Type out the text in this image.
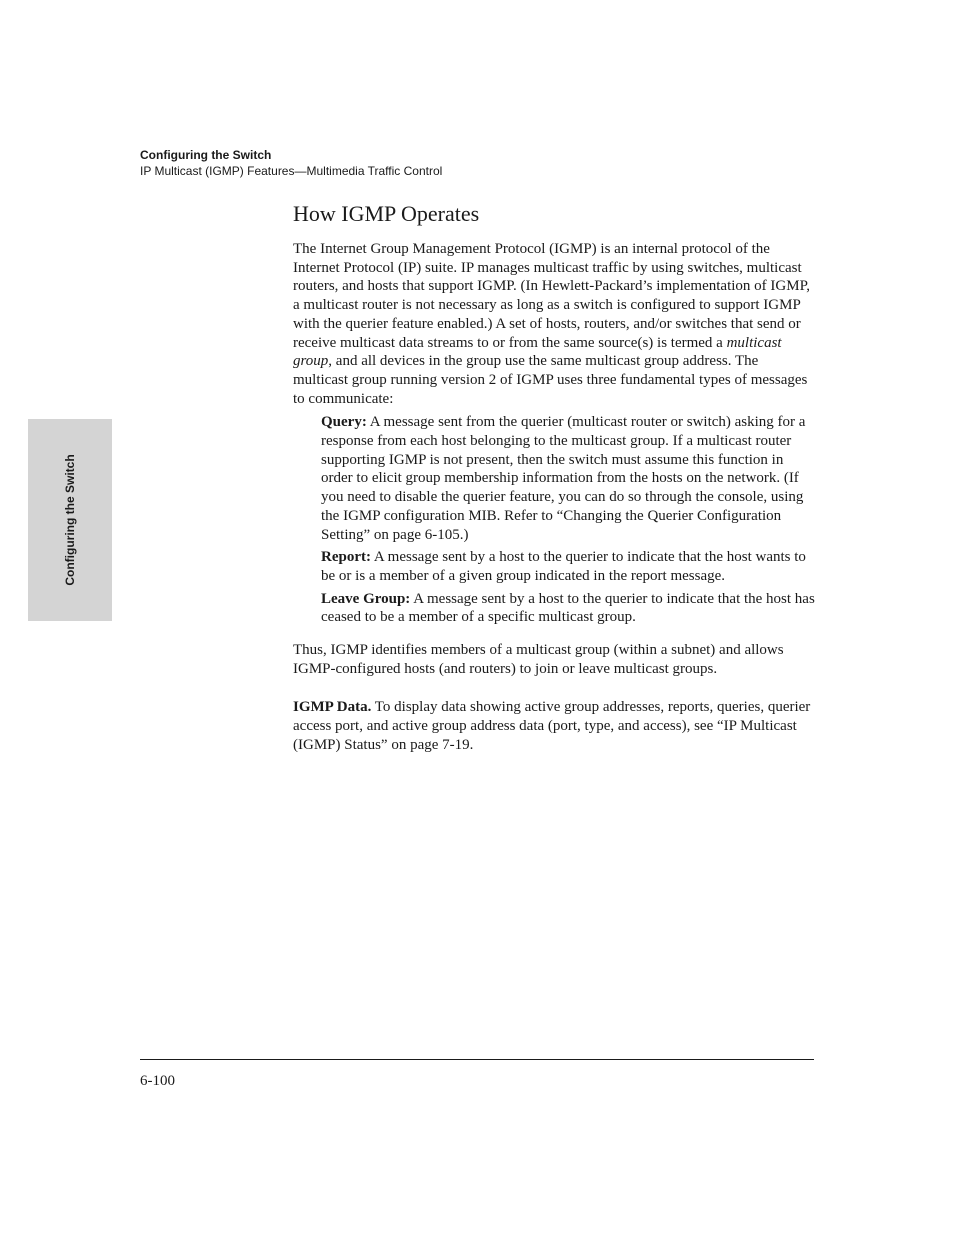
Configuring the Switch
IP Multicast (IGMP) Features—Multimedia Traffic Control
Configuring the Switch
How IGMP Operates

The Internet Group Management Protocol (IGMP) is an internal protocol of the Internet Protocol (IP) suite. IP manages multicast traffic by using switches, multicast routers, and hosts that support IGMP. (In Hewlett-Packard’s implementation of IGMP, a multicast router is not necessary as long as a switch is configured to support IGMP with the querier feature enabled.) A set of hosts, routers, and/or switches that send or receive multicast data streams to or from the same source(s) is termed a multicast group, and all devices in the group use the same multicast group address. The multicast group running version 2 of IGMP uses three fundamental types of messages to communicate:

Query: A message sent from the querier (multicast router or switch) asking for a response from each host belonging to the multicast group. If a multicast router supporting IGMP is not present, then the switch must assume this function in order to elicit group membership information from the hosts on the network. (If you need to disable the querier feature, you can do so through the console, using the IGMP configuration MIB. Refer to “Changing the Querier Configuration Setting” on page 6-105.)

Report: A message sent by a host to the querier to indicate that the host wants to be or is a member of a given group indicated in the report message.

Leave Group: A message sent by a host to the querier to indicate that the host has ceased to be a member of a specific multicast group.

Thus, IGMP identifies members of a multicast group (within a subnet) and allows IGMP-configured hosts (and routers) to join or leave multicast groups.

IGMP Data. To display data showing active group addresses, reports, queries, querier access port, and active group address data (port, type, and access), see “IP Multicast (IGMP) Status” on page 7-19.

6-100
